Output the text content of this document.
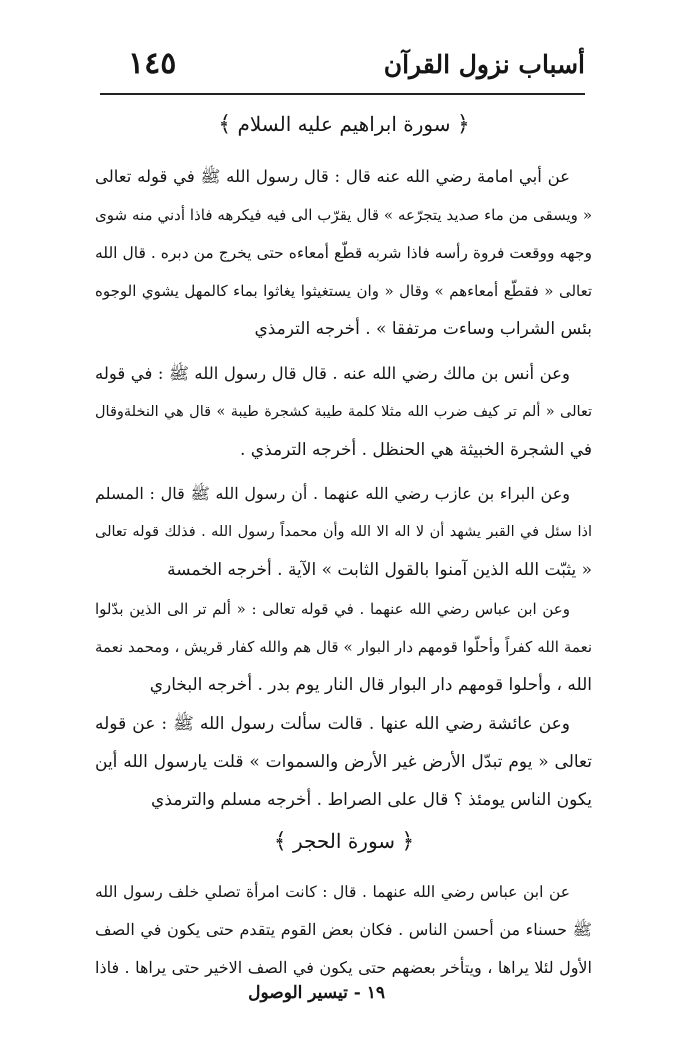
أسباب نزول القرآن
١٤٥
﴿ سورة ابراهيم عليه السلام ﴾
عن أبي امامة رضي الله عنه قال : قال رسول الله ﷺ في قوله تعالى
« ويسقى من ماء صديد يتجرّعه » قال يقرّب الى فيه فيكرهه فاذا أدني منه شوى
وجهه ووقعت فروة رأسه فاذا شربه قطّع أمعاءه حتى يخرج من دبره . قال الله
تعالى « فقطّع أمعاءهم » وقال « وان يستغيثوا يغاثوا بماء كالمهل يشوي الوجوه
بئس الشراب وساءت مرتفقا » . أخرجه الترمذي
وعن أنس بن مالك رضي الله عنه . قال قال رسول الله ﷺ : في قوله
تعالى « ألم تر كيف ضرب الله مثلا كلمة طيبة كشجرة طيبة » قال هي النخلةوقال
في الشجرة الخبيثة هي الحنظل . أخرجه الترمذي .
وعن البراء بن عازب رضي الله عنهما . أن رسول الله ﷺ قال : المسلم
اذا سئل في القبر يشهد أن لا اله الا الله وأن محمداً رسول الله . فذلك قوله تعالى
« يثبّت الله الذين آمنوا بالقول الثابت » الآية . أخرجه الخمسة
وعن ابن عباس رضي الله عنهما . في قوله تعالى : « ألم تر الى الذين بدّلوا
نعمة الله كفراً وأحلّوا قومهم دار البوار » قال هم والله كفار قريش ، ومحمد نعمة
الله ، وأحلوا قومهم دار البوار قال النار يوم بدر . أخرجه البخاري
وعن عائشة رضي الله عنها . قالت سألت رسول الله ﷺ : عن قوله
تعالى « يوم تبدّل الأرض غير الأرض والسموات » قلت يارسول الله أين
يكون الناس يومئذ ؟ قال على الصراط . أخرجه مسلم والترمذي
﴿ سورة الحجر ﴾
عن ابن عباس رضي الله عنهما . قال : كانت امرأة تصلي خلف رسول الله
ﷺ حسناء من أحسن الناس . فكان بعض القوم يتقدم حتى يكون في الصف
الأول لئلا يراها ، ويتأخر بعضهم حتى يكون في الصف الاخير حتى يراها . فاذا
١٩ - تيسير الوصول
